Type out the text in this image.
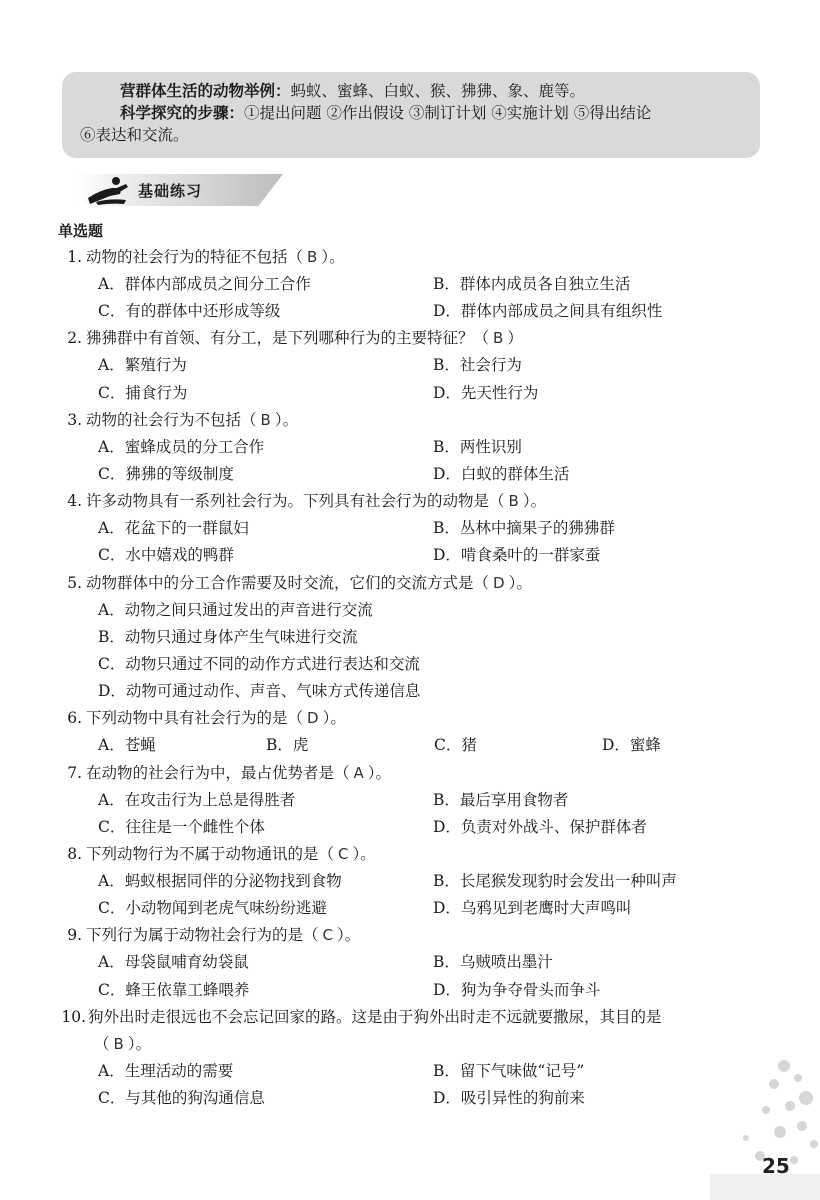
营群体生活的动物举例：蚂蚁、蜜蜂、白蚁、猴、狒狒、象、鹿等。
科学探究的步骤：①提出问题 ②作出假设 ③制订计划 ④实施计划 ⑤得出结论
⑥表达和交流。
基础练习
单选题
1. 动物的社会行为的特征不包括（ B ）。
A．群体内部成员之间分工合作	B．群体内成员各自独立生活
C．有的群体中还形成等级	D．群体内部成员之间具有组织性
2. 狒狒群中有首领、有分工，是下列哪种行为的主要特征？（ B ）
A．繁殖行为	B．社会行为
C．捕食行为	D．先天性行为
3. 动物的社会行为不包括（ B ）。
A．蜜蜂成员的分工合作	B．两性识别
C．狒狒的等级制度	D．白蚁的群体生活
4. 许多动物具有一系列社会行为。下列具有社会行为的动物是（ B ）。
A．花盆下的一群鼠妇	B．丛林中摘果子的狒狒群
C．水中嬉戏的鸭群	D．啃食桑叶的一群家蚕
5. 动物群体中的分工合作需要及时交流，它们的交流方式是（ D ）。
A．动物之间只通过发出的声音进行交流
B．动物只通过身体产生气味进行交流
C．动物只通过不同的动作方式进行表达和交流
D．动物可通过动作、声音、气味方式传递信息
6. 下列动物中具有社会行为的是（ D ）。
A．苍蝇	B．虎	C．猪	D．蜜蜂
7. 在动物的社会行为中，最占优势者是（ A ）。
A．在攻击行为上总是得胜者	B．最后享用食物者
C．往往是一个雌性个体	D．负责对外战斗、保护群体者
8. 下列动物行为不属于动物通讯的是（ C ）。
A．蚂蚁根据同伴的分泌物找到食物	B．长尾猴发现豹时会发出一种叫声
C．小动物闻到老虎气味纷纷逃避	D．乌鸦见到老鹰时大声鸣叫
9. 下列行为属于动物社会行为的是（ C ）。
A．母袋鼠哺育幼袋鼠	B．乌贼喷出墨汁
C．蜂王依靠工蜂喂养	D．狗为争夺骨头而争斗
10. 狗外出时走很远也不会忘记回家的路。这是由于狗外出时走不远就要撒尿，其目的是
（ B ）。
A．生理活动的需要	B．留下气味做“记号”
C．与其他的狗沟通信息	D．吸引异性的狗前来
25
